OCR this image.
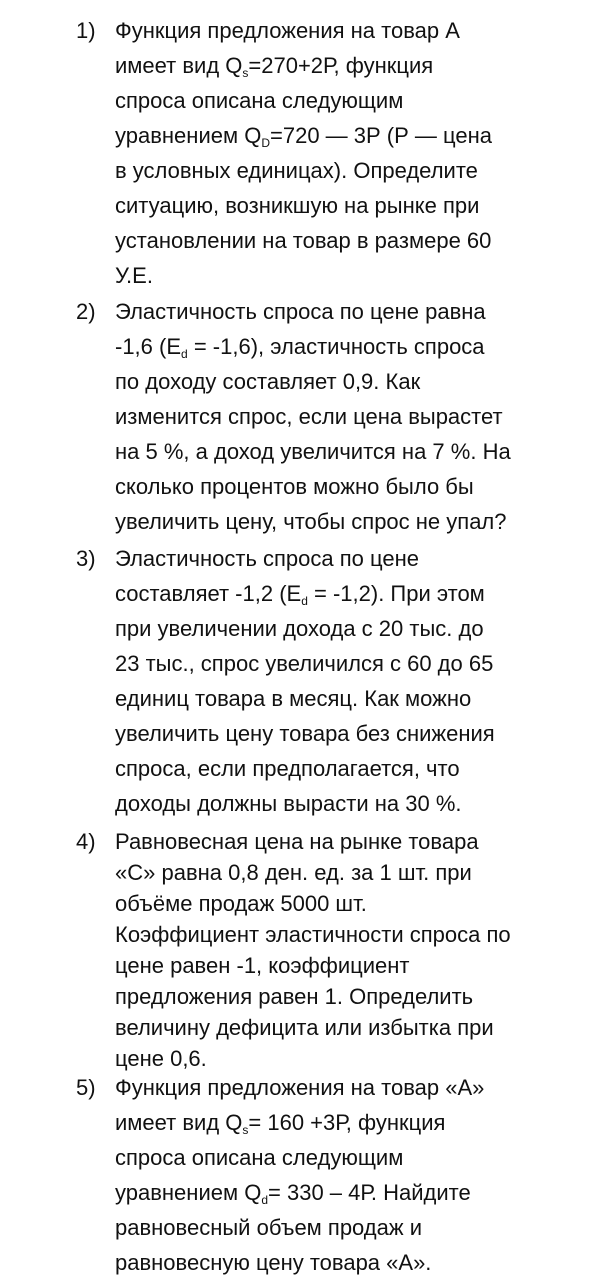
1) Функция предложения на товар А
имеет вид $Q_s=270+2Р$, функция
спроса описана следующим
уравнением $Q_D=720$ — 3Р (Р — цена
в условных единицах). Определите
ситуацию, возникшую на рынке при
установлении на товар в размере 60
У.Е.
2) Эластичность спроса по цене равна
-1,6 $(E_d = -1,6)$, эластичность спроса
по доходу составляет 0,9. Как
изменится спрос, если цена вырастет
на 5 %, а доход увеличится на 7 %. На
сколько процентов можно было бы
увеличить цену, чтобы спрос не упал?
3) Эластичность спроса по цене
составляет -1,2 $(E_d = -1,2)$. При этом
при увеличении дохода с 20 тыс. до
23 тыс., спрос увеличился с 60 до 65
единиц товара в месяц. Как можно
увеличить цену товара без снижения
спроса, если предполагается, что
доходы должны вырасти на 30 %.
4) Равновесная цена на рынке товара
«С» равна 0,8 ден. ед. за 1 шт. при
объёме продаж 5000 шт.
Коэффициент эластичности спроса по
цене равен -1, коэффициент
предложения равен 1. Определить
величину дефицита или избытка при
цене 0,6.
5) Функция предложения на товар «А»
имеет вид $Q_s= 160 +3Р$, функция
спроса описана следующим
уравнением $Q_d= 330 - 4Р$. Найдите
равновесный объем продаж и
равновесную цену товара «А».
